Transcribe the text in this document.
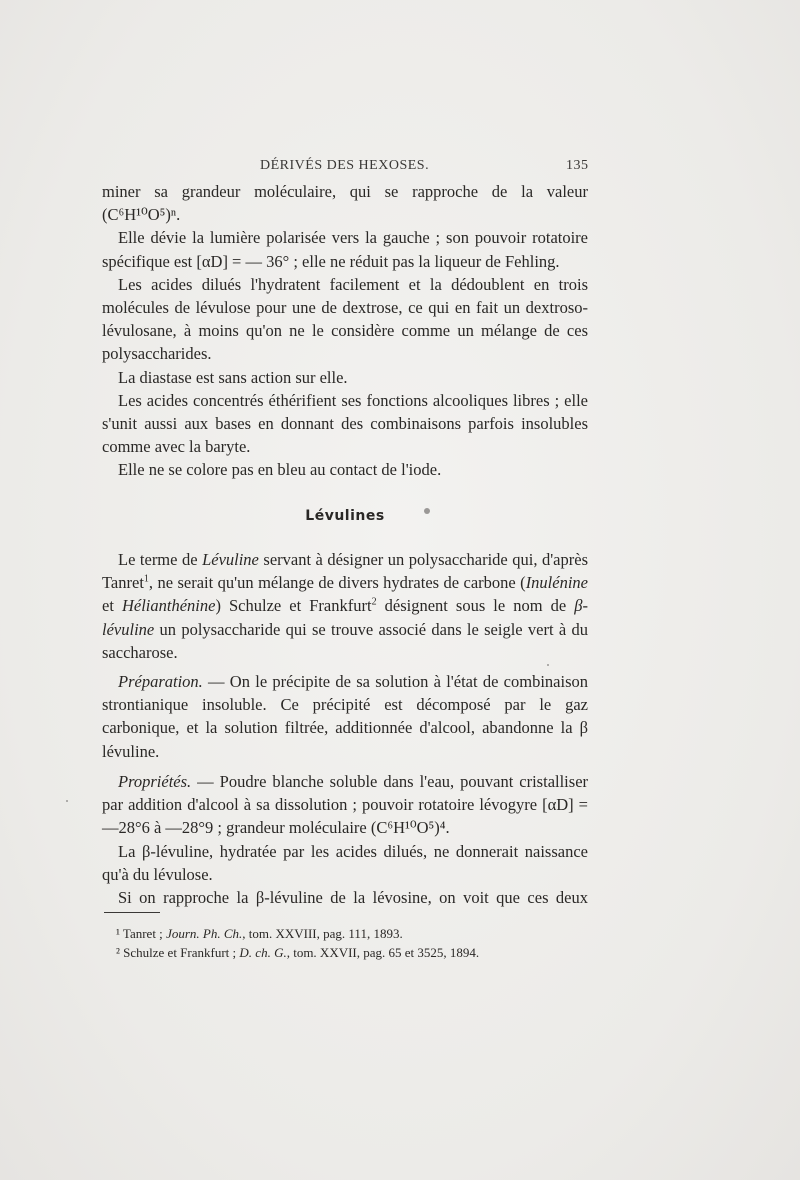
DÉRIVÉS DES HEXOSES.	135

miner sa grandeur moléculaire, qui se rapproche de la valeur

(C⁶H¹⁰O⁵)ⁿ.

Elle dévie la lumière polarisée vers la gauche ; son pouvoir rotatoire spécifique est [αD] = — 36° ; elle ne réduit pas la liqueur de Fehling.

Les acides dilués l'hydratent facilement et la dédoublent en trois molécules de lévulose pour une de dextrose, ce qui en fait un dextroso-lévulosane, à moins qu'on ne le considère comme un mélange de ces polysaccharides.

La diastase est sans action sur elle.

Les acides concentrés éthérifient ses fonctions alcooliques libres ; elle s'unit aussi aux bases en donnant des combinaisons parfois insolubles comme avec la baryte.

Elle ne se colore pas en bleu au contact de l'iode.

Lévulines

Le terme de Lévuline servant à désigner un polysaccharide qui, d'après Tanret$^1$, ne serait qu'un mélange de divers hydrates de carbone (Inulénine et Hélianthénine) Schulze et Frankfurt$^2$ désignent sous le nom de β-lévuline un polysaccharide qui se trouve associé dans le seigle vert à du saccharose.

Préparation. — On le précipite de sa solution à l'état de combinaison strontianique insoluble. Ce précipité est décomposé par le gaz carbonique, et la solution filtrée, additionnée d'alcool, abandonne la β lévuline.

Propriétés. — Poudre blanche soluble dans l'eau, pouvant cristalliser par addition d'alcool à sa dissolution ; pouvoir rotatoire lévogyre [αD] = —28°6 à —28°9 ; grandeur moléculaire (C⁶H¹⁰O⁵)⁴.

La β-lévuline, hydratée par les acides dilués, ne donnerait naissance qu'à du lévulose.

Si on rapproche la β-lévuline de la lévosine, on voit que ces deux

¹ Tanret ; Journ. Ph. Ch., tom. XXVIII, pag. 111, 1893.

² Schulze et Frankfurt ; D. ch. G., tom. XXVII, pag. 65 et 3525, 1894.
